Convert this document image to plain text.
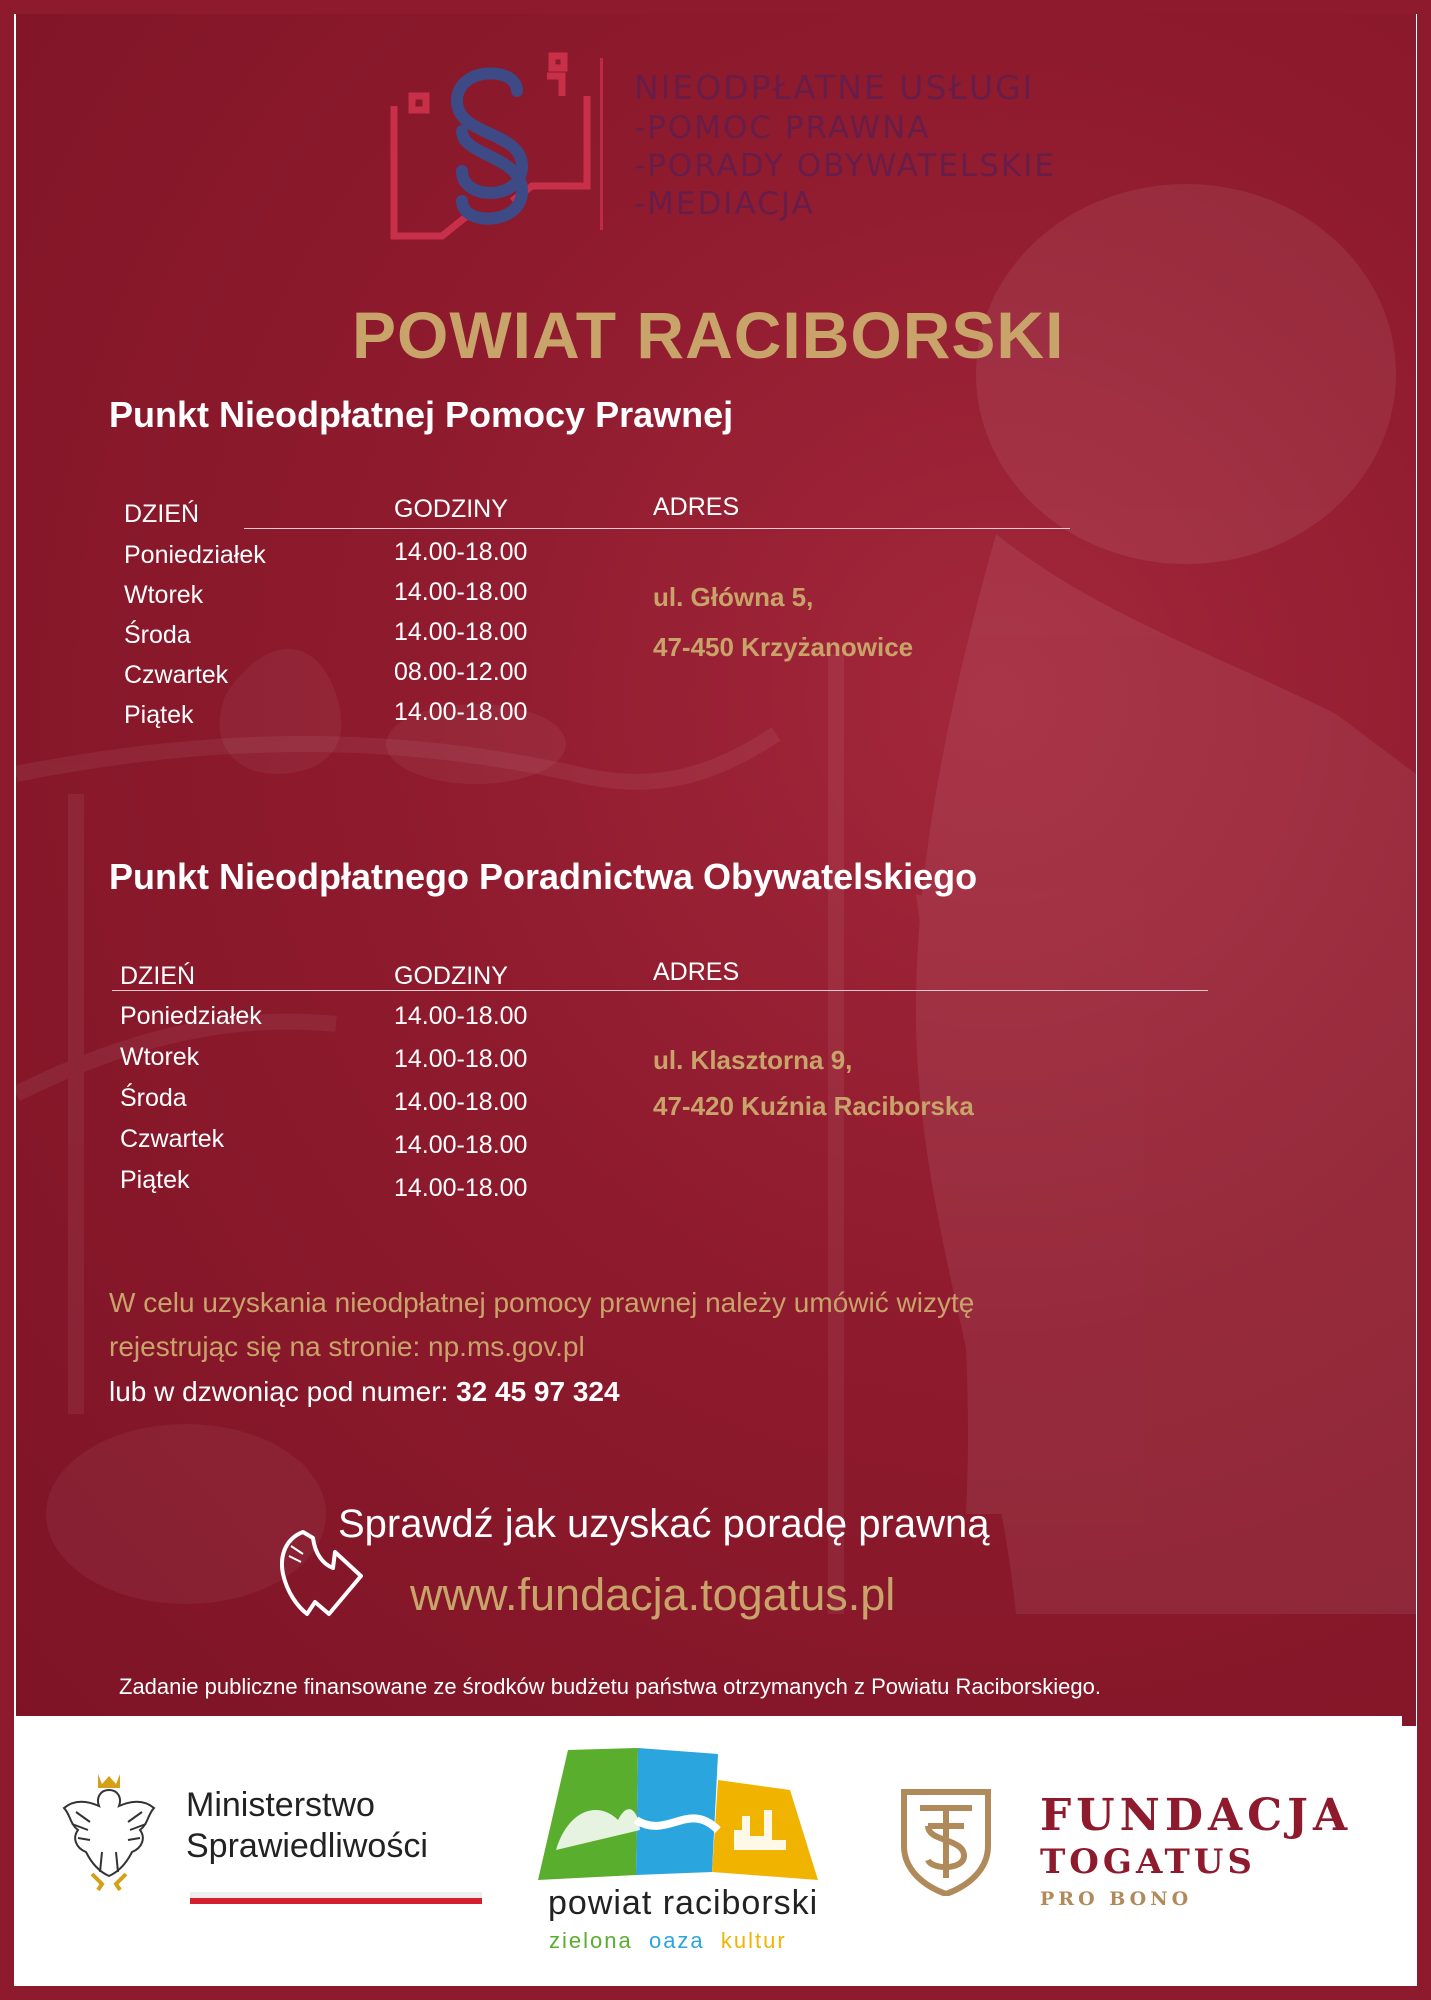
NIEODPŁATNE USŁUGI
-POMOC PRAWNA
-PORADY OBYWATELSKIE
-MEDIACJA
POWIAT RACIBORSKI
Punkt Nieodpłatnej Pomocy Prawnej
DZIEŃ	GODZINY	ADRES
Poniedziałek	14.00-18.00
Wtorek	14.00-18.00
Środa	14.00-18.00
Czwartek	08.00-12.00
Piątek	14.00-18.00
ul. Główna 5,
47-450 Krzyżanowice
Punkt Nieodpłatnego Poradnictwa Obywatelskiego
DZIEŃ	GODZINY	ADRES
Poniedziałek	14.00-18.00
Wtorek	14.00-18.00
Środa	14.00-18.00
Czwartek	14.00-18.00
Piątek	14.00-18.00
ul. Klasztorna 9,
47-420 Kuźnia Raciborska
W celu uzyskania nieodpłatnej pomocy prawnej należy umówić wizytę
rejestrując się na stronie: np.ms.gov.pl
lub w dzwoniąc pod numer: 32 45 97 324
Sprawdź jak uzyskać poradę prawną
www.fundacja.togatus.pl
Zadanie publiczne finansowane ze środków budżetu państwa otrzymanych z Powiatu Raciborskiego.
Ministerstwo
Sprawiedliwości
powiat raciborski
zielona oaza kultur
FUNDACJA
TOGATUS
PRO BONO
